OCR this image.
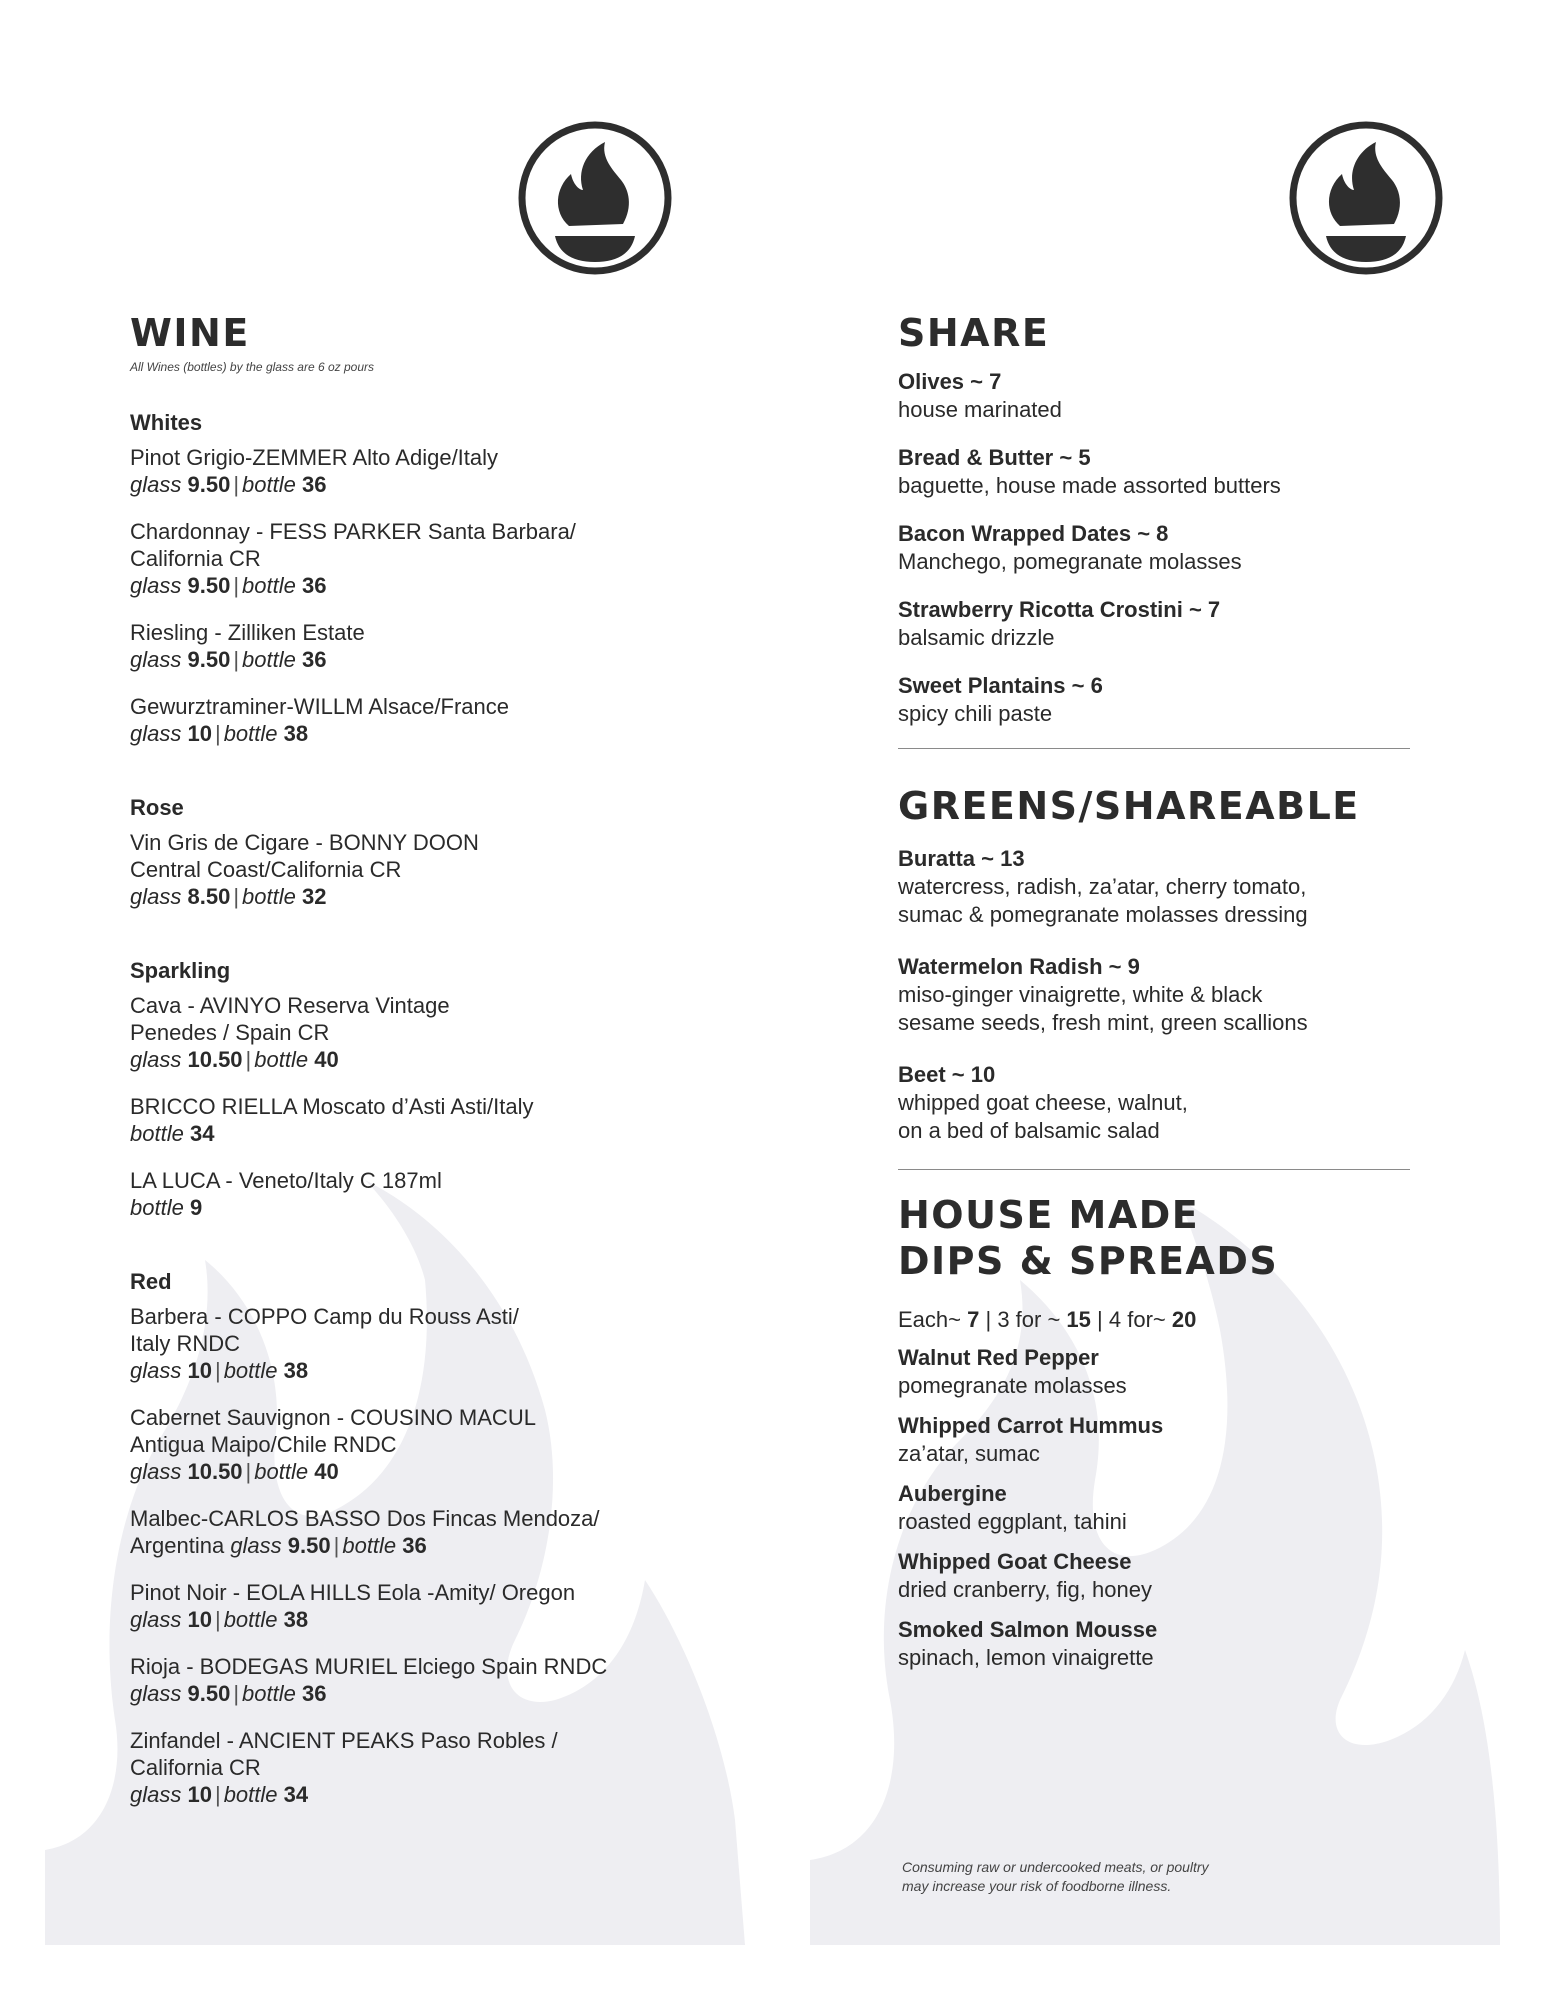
WINE

All Wines (bottles) by the glass are 6 oz pours

Whites
Pinot Grigio-ZEMMER Alto Adige/Italy
glass 9.50 | bottle 36
Chardonnay - FESS PARKER Santa Barbara/
California CR
glass 9.50 | bottle 36
Riesling - Zilliken Estate
glass 9.50 | bottle 36
Gewurztraminer-WILLM Alsace/France
glass 10 | bottle 38
Rose
Vin Gris de Cigare - BONNY DOON
Central Coast/California CR
glass 8.50 | bottle 32
Sparkling
Cava - AVINYO Reserva Vintage
Penedes / Spain CR
glass 10.50 | bottle 40
BRICCO RIELLA Moscato d’Asti Asti/Italy
bottle 34
LA LUCA - Veneto/Italy C 187ml
bottle 9
Red
Barbera - COPPO Camp du Rouss Asti/
Italy RNDC
glass 10 | bottle 38
Cabernet Sauvignon - COUSINO MACUL
Antigua Maipo/Chile RNDC
glass 10.50 | bottle 40
Malbec-CARLOS BASSO Dos Fincas Mendoza/
Argentina glass 9.50 | bottle 36
Pinot Noir - EOLA HILLS Eola -Amity/ Oregon
glass 10 | bottle 38
Rioja - BODEGAS MURIEL Elciego Spain RNDC
glass 9.50 | bottle 36
Zinfandel - ANCIENT PEAKS Paso Robles /
California CR
glass 10 | bottle 34
SHARE
Olives ~ 7
house marinated
Bread & Butter ~ 5
baguette, house made assorted butters
Bacon Wrapped Dates ~ 8
Manchego, pomegranate molasses
Strawberry Ricotta Crostini ~ 7
balsamic drizzle
Sweet Plantains ~ 6
spicy chili paste
GREENS/SHAREABLE
Buratta ~ 13
watercress, radish, za’atar, cherry tomato,
sumac & pomegranate molasses dressing
Watermelon Radish ~ 9
miso-ginger vinaigrette, white & black
sesame seeds, fresh mint, green scallions
Beet ~ 10
whipped goat cheese, walnut,
on a bed of balsamic salad
HOUSE MADE
DIPS & SPREADS
Each~ 7 | 3 for ~ 15 | 4 for~ 20
Walnut Red Pepper
pomegranate molasses
Whipped Carrot Hummus
za’atar, sumac
Aubergine
roasted eggplant, tahini
Whipped Goat Cheese
dried cranberry, fig, honey
Smoked Salmon Mousse
spinach, lemon vinaigrette
Consuming raw or undercooked meats, or poultry
may increase your risk of foodborne illness.
